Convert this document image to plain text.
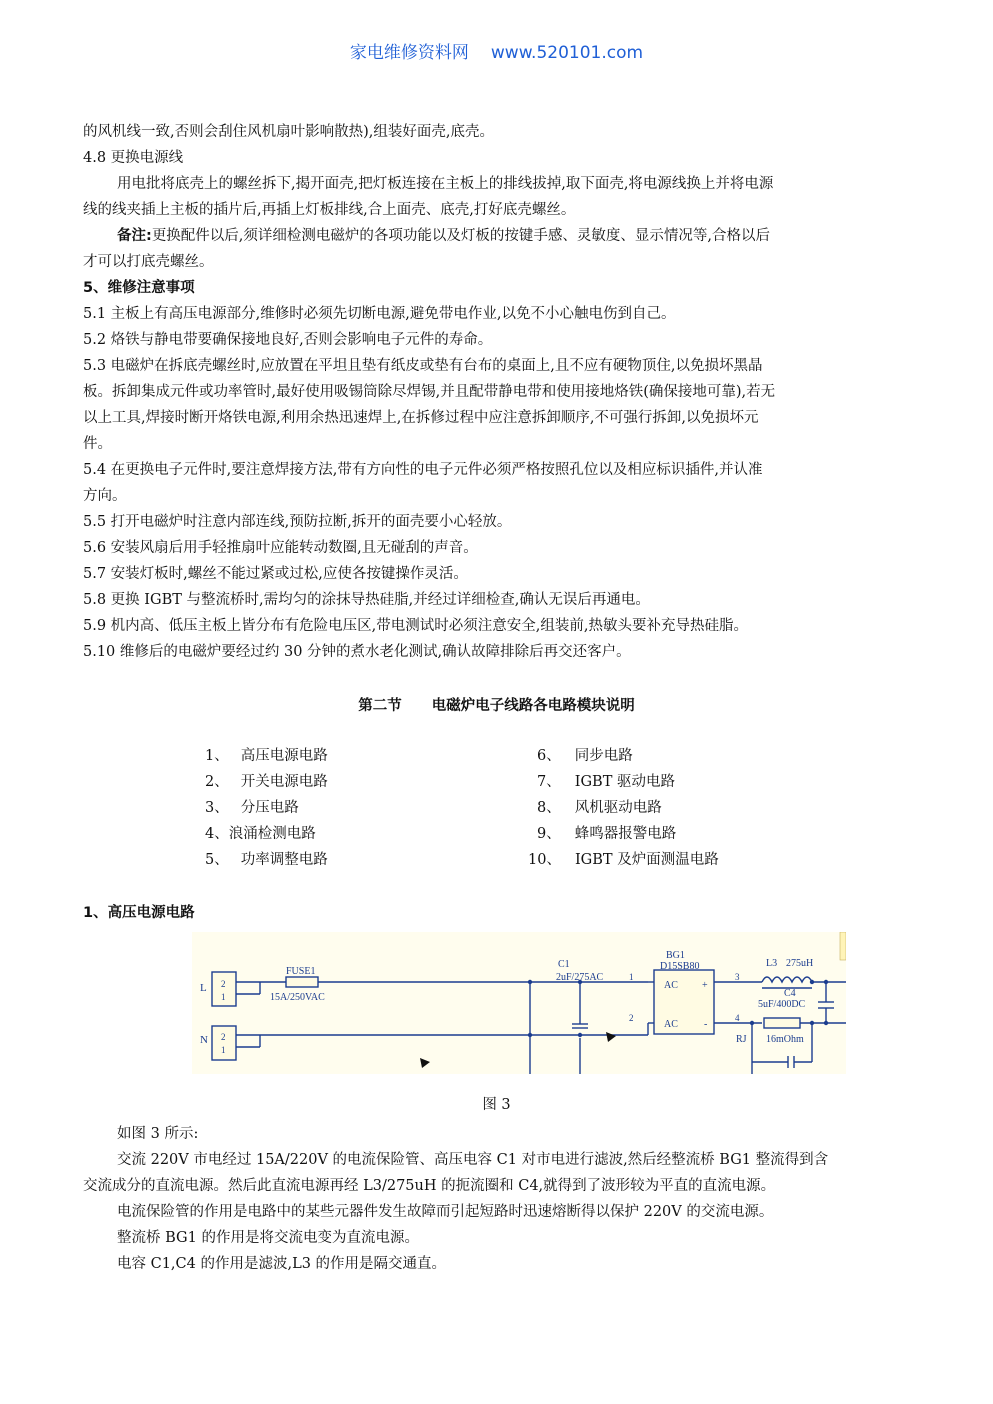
家电维修资料网 www.520101.com
的风机线一致,否则会刮住风机扇叶影响散热),组装好面壳,底壳。
4.8 更换电源线
用电批将底壳上的螺丝拆下,揭开面壳,把灯板连接在主板上的排线拔掉,取下面壳,将电源线换上并将电源
线的线夹插上主板的插片后,再插上灯板排线,合上面壳、底壳,打好底壳螺丝。
备注:更换配件以后,须详细检测电磁炉的各项功能以及灯板的按键手感、灵敏度、显示情况等,合格以后
才可以打底壳螺丝。
5、维修注意事项
5.1 主板上有高压电源部分,维修时必须先切断电源,避免带电作业,以免不小心触电伤到自己。
5.2 烙铁与静电带要确保接地良好,否则会影响电子元件的寿命。
5.3 电磁炉在拆底壳螺丝时,应放置在平坦且垫有纸皮或垫有台布的桌面上,且不应有硬物顶住,以免损坏黑晶
板。拆卸集成元件或功率管时,最好使用吸锡筒除尽焊锡,并且配带静电带和使用接地烙铁(确保接地可靠),若无
以上工具,焊接时断开烙铁电源,利用余热迅速焊上,在拆修过程中应注意拆卸顺序,不可强行拆卸,以免损坏元
件。
5.4 在更换电子元件时,要注意焊接方法,带有方向性的电子元件必须严格按照孔位以及相应标识插件,并认准
方向。
5.5 打开电磁炉时注意内部连线,预防拉断,拆开的面壳要小心轻放。
5.6 安装风扇后用手轻推扇叶应能转动数圈,且无碰刮的声音。
5.7 安装灯板时,螺丝不能过紧或过松,应使各按键操作灵活。
5.8 更换 IGBT 与整流桥时,需均匀的涂抹导热硅脂,并经过详细检查,确认无误后再通电。
5.9 机内高、低压主板上皆分布有危险电压区,带电测试时必须注意安全,组装前,热敏头要补充导热硅脂。
5.10 维修后的电磁炉要经过约 30 分钟的煮水老化测试,确认故障排除后再交还客户。
第二节 电磁炉电子线路各电路模块说明
1、 高压电源电路
2、 开关电源电路
3、 分压电路
4、浪涌检测电路
5、 功率调整电路
6、 同步电路
7、 IGBT 驱动电路
8、 风机驱动电路
9、 蜂鸣器报警电路
10、 IGBT 及炉面测温电路
1、高压电源电路
L
N
2
1
2
1
FUSE1
15A/250VAC
C1
2uF/275AC
BG1
D15SB80
AC
AC
+
-
1
2
3
4
L3 275uH
C4
5uF/400DC
RJ 16mOhm
图 3
如图 3 所示:
交流 220V 市电经过 15A/220V 的电流保险管、高压电容 C1 对市电进行滤波,然后经整流桥 BG1 整流得到含
交流成分的直流电源。然后此直流电源再经 L3/275uH 的扼流圈和 C4,就得到了波形较为平直的直流电源。
电流保险管的作用是电路中的某些元器件发生故障而引起短路时迅速熔断得以保护 220V 的交流电源。
整流桥 BG1 的作用是将交流电变为直流电源。
电容 C1,C4 的作用是滤波,L3 的作用是隔交通直。
